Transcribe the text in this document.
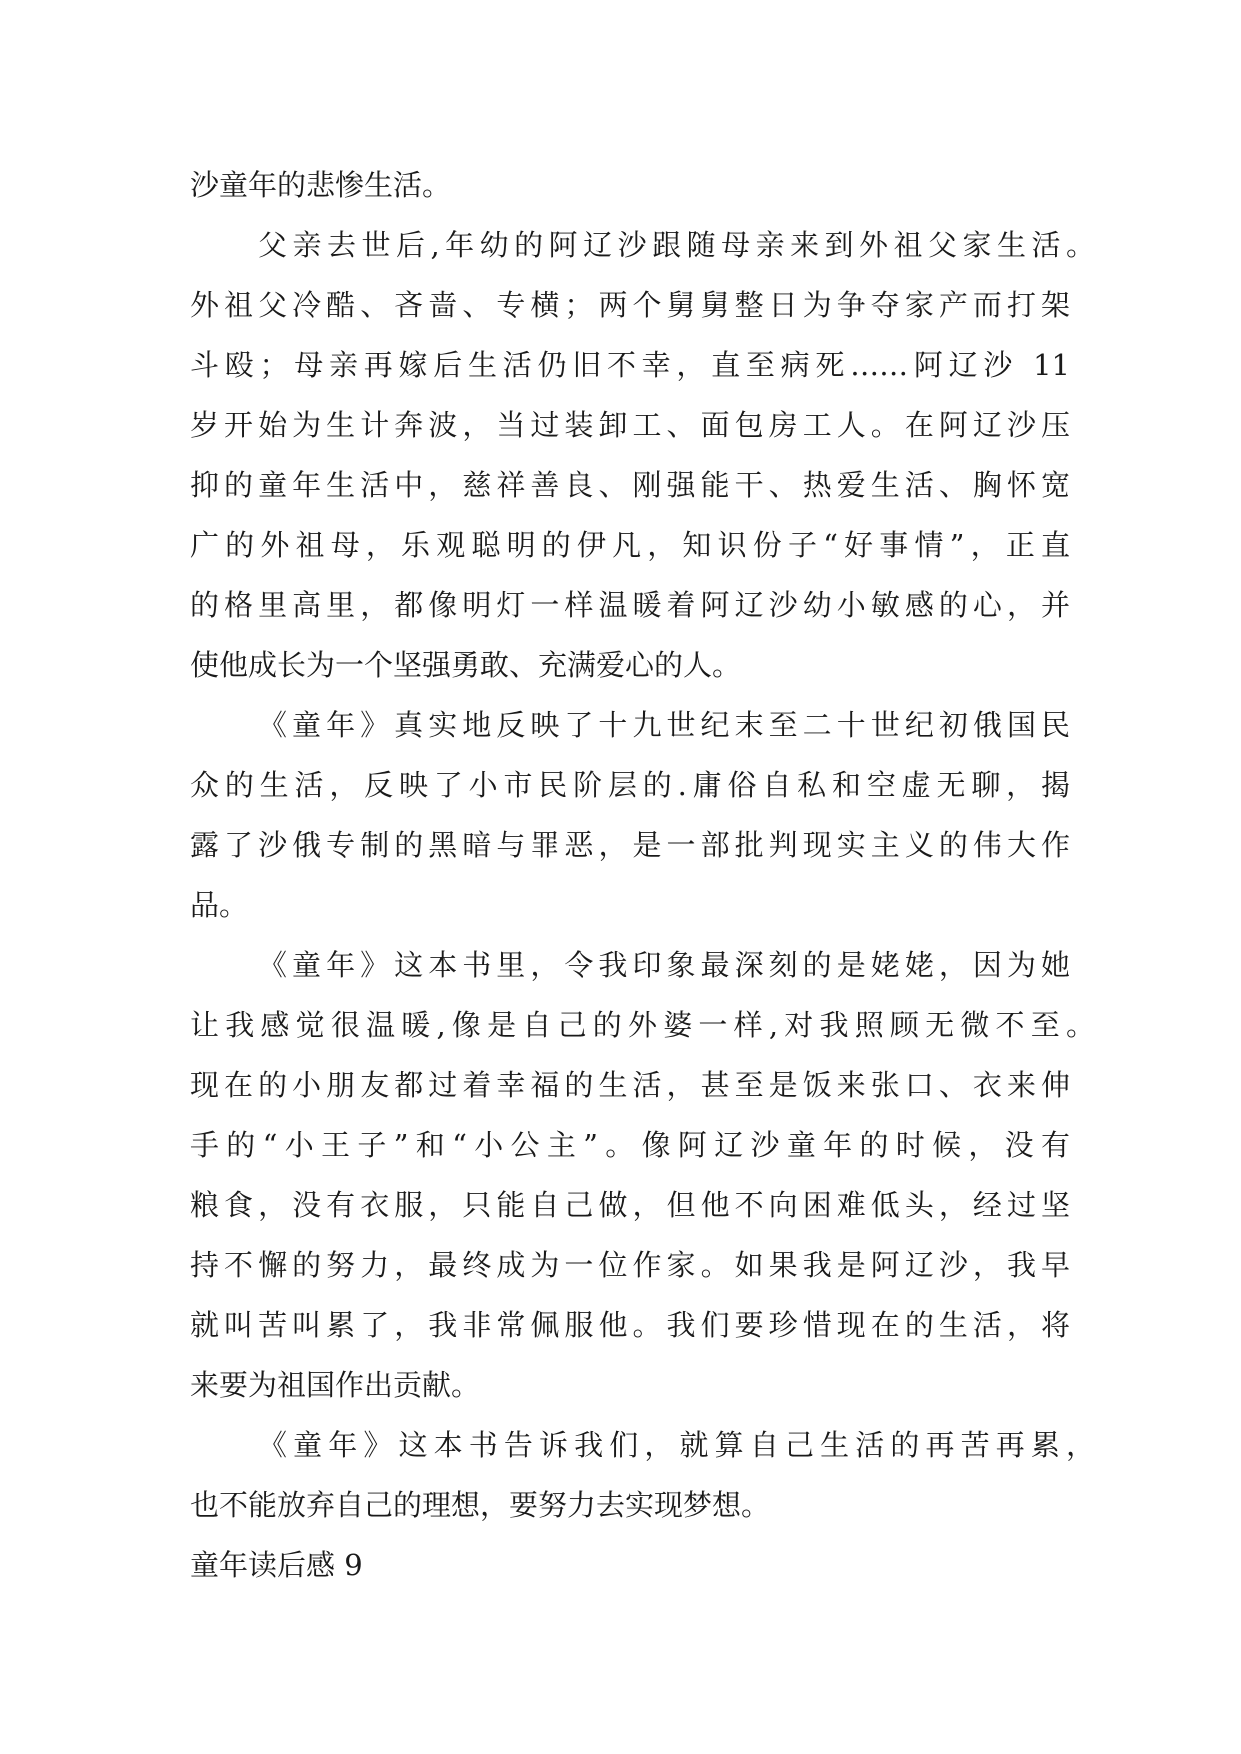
沙童年的悲惨生活。
父亲去世后,年幼的阿辽沙跟随母亲来到外祖父家生活。
外祖父冷酷、吝啬、专横；两个舅舅整日为争夺家产而打架
斗殴；母亲再嫁后生活仍旧不幸，直至病死……阿辽沙 11
岁开始为生计奔波，当过装卸工、面包房工人。在阿辽沙压
抑的童年生活中，慈祥善良、刚强能干、热爱生活、胸怀宽
广的外祖母，乐观聪明的伊凡，知识份子“好事情”，正直
的格里高里，都像明灯一样温暖着阿辽沙幼小敏感的心，并
使他成长为一个坚强勇敢、充满爱心的人。
《童年》真实地反映了十九世纪末至二十世纪初俄国民
众的生活，反映了小市民阶层的.庸俗自私和空虚无聊，揭
露了沙俄专制的黑暗与罪恶，是一部批判现实主义的伟大作
品。
《童年》这本书里，令我印象最深刻的是姥姥，因为她
让我感觉很温暖,像是自己的外婆一样,对我照顾无微不至。
现在的小朋友都过着幸福的生活，甚至是饭来张口、衣来伸
手的“小王子”和“小公主”。像阿辽沙童年的时候，没有
粮食，没有衣服，只能自己做，但他不向困难低头，经过坚
持不懈的努力，最终成为一位作家。如果我是阿辽沙，我早
就叫苦叫累了，我非常佩服他。我们要珍惜现在的生活，将
来要为祖国作出贡献。
《童年》这本书告诉我们，就算自己生活的再苦再累，
也不能放弃自己的理想，要努力去实现梦想。
童年读后感 9
